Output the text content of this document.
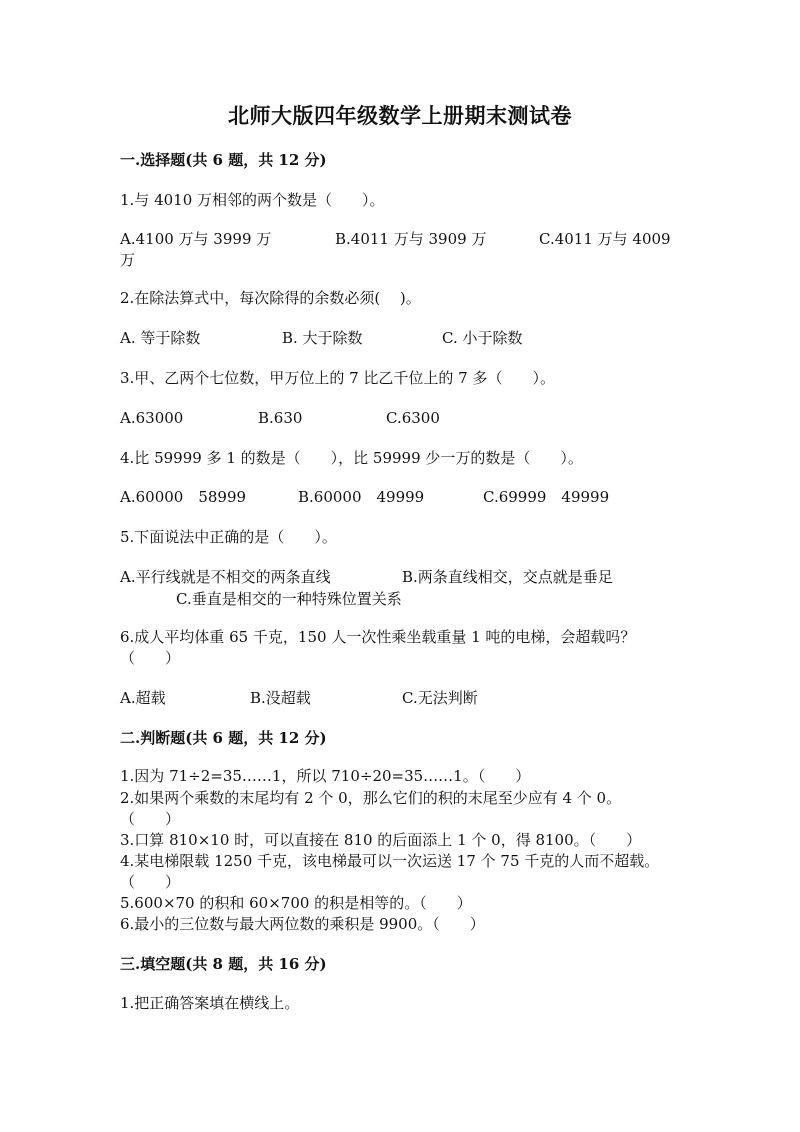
北师大版四年级数学上册期末测试卷
一.选择题(共 6 题，共 12 分)
1.与 4010 万相邻的两个数是（　　）。
A.4100 万与 3999 万	B.4011 万与 3909 万	C.4011 万与 4009
万
2.在除法算式中，每次除得的余数必须(　 )。
A. 等于除数	B. 大于除数	C. 小于除数
3.甲、乙两个七位数，甲万位上的 7 比乙千位上的 7 多（　　）。
A.63000	B.630	C.6300
4.比 59999 多 1 的数是（　　），比 59999 少一万的数是（　　）。
A.60000　58999	B.60000　49999	C.69999　49999
5.下面说法中正确的是（　　）。
A.平行线就是不相交的两条直线	B.两条直线相交，交点就是垂足
C.垂直是相交的一种特殊位置关系
6.成人平均体重 65 千克，150 人一次性乘坐载重量 1 吨的电梯，会超载吗？
（　　）
A.超载	B.没超载	C.无法判断
二.判断题(共 6 题，共 12 分)
1.因为 71÷2=35……1，所以 710÷20=35……1。（　　）
2.如果两个乘数的末尾均有 2 个 0，那么它们的积的末尾至少应有 4 个 0。
（　　）
3.口算 810×10 时，可以直接在 810 的后面添上 1 个 0，得 8100。（　　）
4.某电梯限载 1250 千克，该电梯最可以一次运送 17 个 75 千克的人而不超载。
（　　）
5.600×70 的积和 60×700 的积是相等的。（　　）
6.最小的三位数与最大两位数的乘积是 9900。（　　）
三.填空题(共 8 题，共 16 分)
1.把正确答案填在横线上。
